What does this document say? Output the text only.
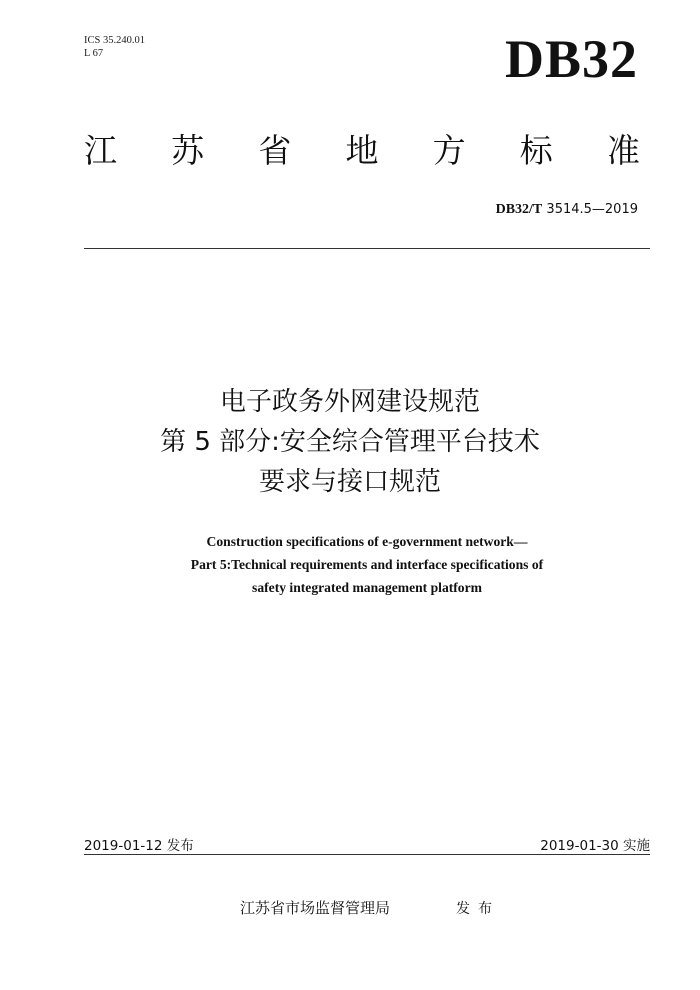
ICS 35.240.01
L 67	DB32
江 苏 省 地 方 标 准
DB32/T 3514.5—2019
电子政务外网建设规范
第 5 部分:安全综合管理平台技术
要求与接口规范
Construction specifications of e-government network—
Part 5:Technical requirements and interface specifications of
safety integrated management platform
2019-01-12 发布	2019-01-30 实施
江苏省市场监督管理局	发布
